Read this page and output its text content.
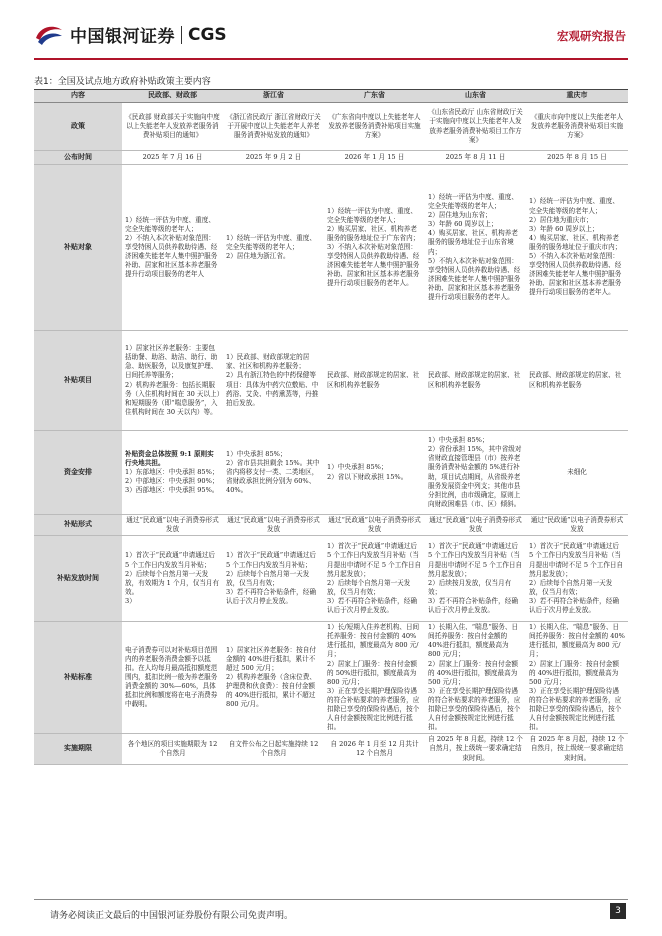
中国银河证券 CGS	宏观研究报告
表1：全国及试点地方政府补贴政策主要内容
内容	民政部、财政部	浙江省	广东省	山东省	重庆市
政策	《民政部 财政部关于实施向中度以上失能老年人发放养老服务消费补贴项目的通知》	《浙江省民政厅 浙江省财政厅关于开展中度以上失能老年人养老服务消费补贴发放的通知》	《广东省向中度以上失能老年人发放养老服务消费补贴项目实施方案》	《山东省民政厅 山东省财政厅关于实施向中度以上失能老年人发放养老服务消费补贴项目工作方案》	《重庆市向中度以上失能老年人发放养老服务消费补贴项目实施方案》
公布时间	2025 年 7 月 16 日	2025 年 9 月 2 日	2026 年 1 月 15 日	2025 年 8 月 11 日	2025 年 8 月 15 日
补贴对象	1）经统一评估为中度、重度、完全失能等级的老年人；
2）不纳入本次补贴对象范围：享受特困人员供养救助待遇、经济困难失能老年人集中照护服务补助、居家和社区基本养老服务提升行动项目服务的老年人	1）经统一评估为中度、重度、完全失能等级的老年人；
2）居住地为浙江省。	1）经统一评估为中度、重度、完全失能等级的老年人；
2）购买居家、社区、机构养老服务的服务地址位于广东省内；
3）不纳入本次补贴对象范围：享受特困人员供养救助待遇、经济困难失能老年人集中照护服务补助、居家和社区基本养老服务提升行动项目服务的老年人。	1）经统一评估为中度、重度、完全失能等级的老年人；
2）居住地为山东省；
3）年龄 60 周岁以上；
4）购买居家、社区、机构养老服务的服务地址位于山东省境内；
5）不纳入本次补贴对象范围：享受特困人员供养救助待遇、经济困难失能老年人集中照护服务补助、居家和社区基本养老服务提升行动项目服务的老年人。	1）经统一评估为中度、重度、完全失能等级的老年人；
2）居住地为重庆市；
3）年龄 60 周岁以上；
4）购买居家、社区、机构养老服务的服务地址位于重庆市内；
5）不纳入本次补贴对象范围：享受特困人员供养救助待遇、经济困难失能老年人集中照护服务补助、居家和社区基本养老服务提升行动项目服务的老年人。

补贴项目	1）居家社区养老服务：主要包括助餐、助浴、助洁、助行、助急、助医服务，以及康复护理、日间托养等服务；
2）机构养老服务：包括长期服务（入住机构时间在 30 天以上）和短期服务（即“喘息服务”，入住机构时间在 30 天以内）等。	1）民政部、财政部规定的居家、社区和机构养老服务；
2）具有浙江特色的中药保健等项目：具体为中药穴位敷贴、中药浴、艾灸、中药熏蒸等，丹推拍后发放。	民政部、财政部规定的居家、社区和机构养老服务	民政部、财政部规定的居家、社区和机构养老服务	民政部、财政部规定的居家、社区和机构养老服务

资金安排	补贴资金总体按照 9:1 原则实行央地共担。
1）东部地区：中央承担 85%；2）中部地区：中央承担 90%；3）西部地区：中央承担 95%。	1）中央承担 85%；
2）省市县共担剩余 15%。其中省内将移支付一类、二类地区，省财政承担比例分别为 60%、40%。	1）中央承担 85%；
2）省以下财政承担 15%。	1）中央承担 85%；
2）省份承担 15%，其中省级对省财政直接管理县（市）按养老服务消费补贴金额的 5%进行补助，项目试点期间，从省级养老服务发展资金中列支；其他市县分担比例，由市级确定，原则上向财政困难县（市、区）倾斜。	未细化

补贴形式	通过“民政通”以电子消费券形式发放	通过“民政通”以电子消费券形式发放	通过“民政通”以电子消费券形式发放	通过“民政通”以电子消费券形式发放	通过“民政通”以电子消费券形式发放
补贴发放时间	1）首次于“民政通”申请通过后 5 个工作日内发放当月补贴；
2）后续每个自然月第一天发放，有效期为 1 个月，仅当月有效。
3）	1）首次于“民政通”申请通过后 5 个工作日内发放当月补贴；
2）后续每个自然月第一天发放，仅当月有效；
3）若不再符合补贴条件，经确认后于次月停止发放。	1）首次于“民政通”申请通过后 5 个工作日内发放当月补贴（当月提出申请时不足 5 个工作日自然月起发放）；
2）后续每个自然月第一天发放，仅当月有效；
3）若不再符合补贴条件，经确认后于次月停止发放。	1）首次于“民政通”申请通过后 5 个工作日内发放当月补贴（当月提出申请时不足 5 个工作日自然月起发放）；
2）后续按月发放，仅当月有效；
3）若不再符合补贴条件，经确认后于次月停止发放。	1）首次于“民政通”申请通过后 5 个工作日内发放当月补贴（当月提出申请时不足 5 个工作日自然月起发放）；
2）后续每个自然月第一天发放，仅当月有效；
3）若不再符合补贴条件，经确认后于次月停止发放。

补贴标准	电子消费券可以对补贴项目范围内的养老服务消费金额予以抵扣。在人均每月最高抵扣额度范围内，抵扣比例一般为养老服务消费金额的 30%—60%，具体抵扣比例和额度将在电子消费券中载明。	1）居家社区养老服务：按自付金额的 40%进行抵扣，累计不超过 500 元/月；
2）机构养老服务（含床位费、护理费和伙食费）：按自付金额的 40%进行抵扣，累计不超过 800 元/月。	1）长/短期入住养老机构、日间托养服务：按自付金额的 40%进行抵扣，额度最高为 800 元/月；
2）居家上门服务：按自付金额的 50%进行抵扣，额度最高为 800 元/月；
3）正在享受长期护理保险待遇的符合补贴要求的养老服务，应扣除已享受的保险待遇后，按个人自付金额按规定比例进行抵扣。	1）长期入住、“喘息”服务、日间托养服务：按自付金额的 40%进行抵扣，额度最高为 800 元/月；
2）居家上门服务：按自付金额的 40%进行抵扣，额度最高为 500 元/月；
3）正在享受长期护理保险待遇的符合补贴要求的养老服务，应扣除已享受的保险待遇后，按个人自付金额按规定比例进行抵扣。	1）长期入住、“喘息”服务、日间托养服务：按自付金额的 40%进行抵扣，额度最高为 800 元/月；
2）居家上门服务：按自付金额的 40%进行抵扣，额度最高为 500 元/月；
3）正在享受长期护理保险待遇的符合补贴要求的养老服务，应扣除已享受的保险待遇后，按个人自付金额按规定比例进行抵扣。

实施期限	各个地区的项目实施期限为 12 个自然月	自文件公布之日起实施持续 12 个自然月	自 2026 年 1 月至 12 月共计 12 个自然月	自 2025 年 8 月起，持续 12 个自然月，按上级统一要求确定结束时间。	自 2025 年 8 月起，持续 12 个自然月，按上级统一要求确定结束时间。
请务必阅读正文最后的中国银河证券股份有限公司免责声明。	3
